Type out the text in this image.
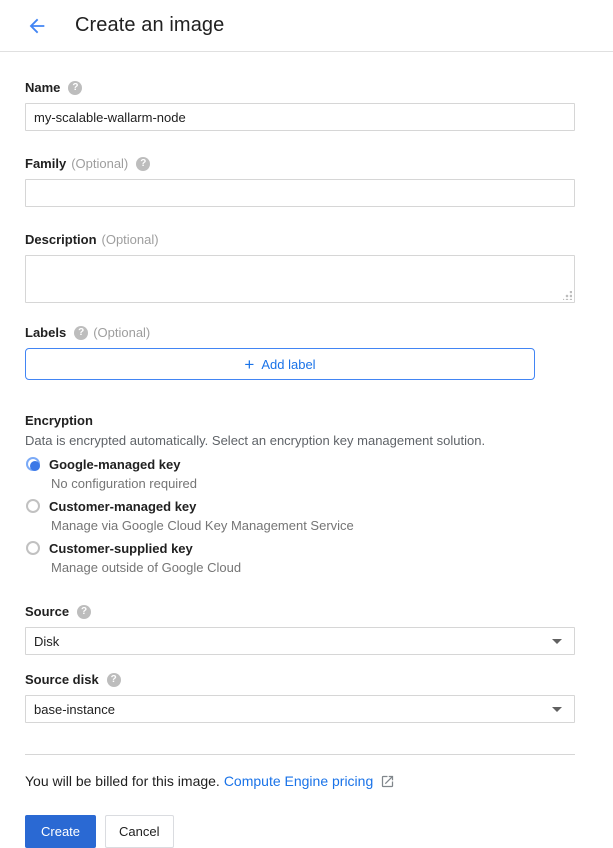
Create an image
Name	?
my-scalable-wallarm-node
Family (Optional)	?
Description (Optional)
Labels	? (Optional)
+ Add label
Encryption
Data is encrypted automatically. Select an encryption key management solution.
Google-managed key
No configuration required
Customer-managed key
Manage via Google Cloud Key Management Service
Customer-supplied key
Manage outside of Google Cloud
Source	?
Disk
Source disk	?
base-instance
You will be billed for this image. Compute Engine pricing
Create	Cancel
